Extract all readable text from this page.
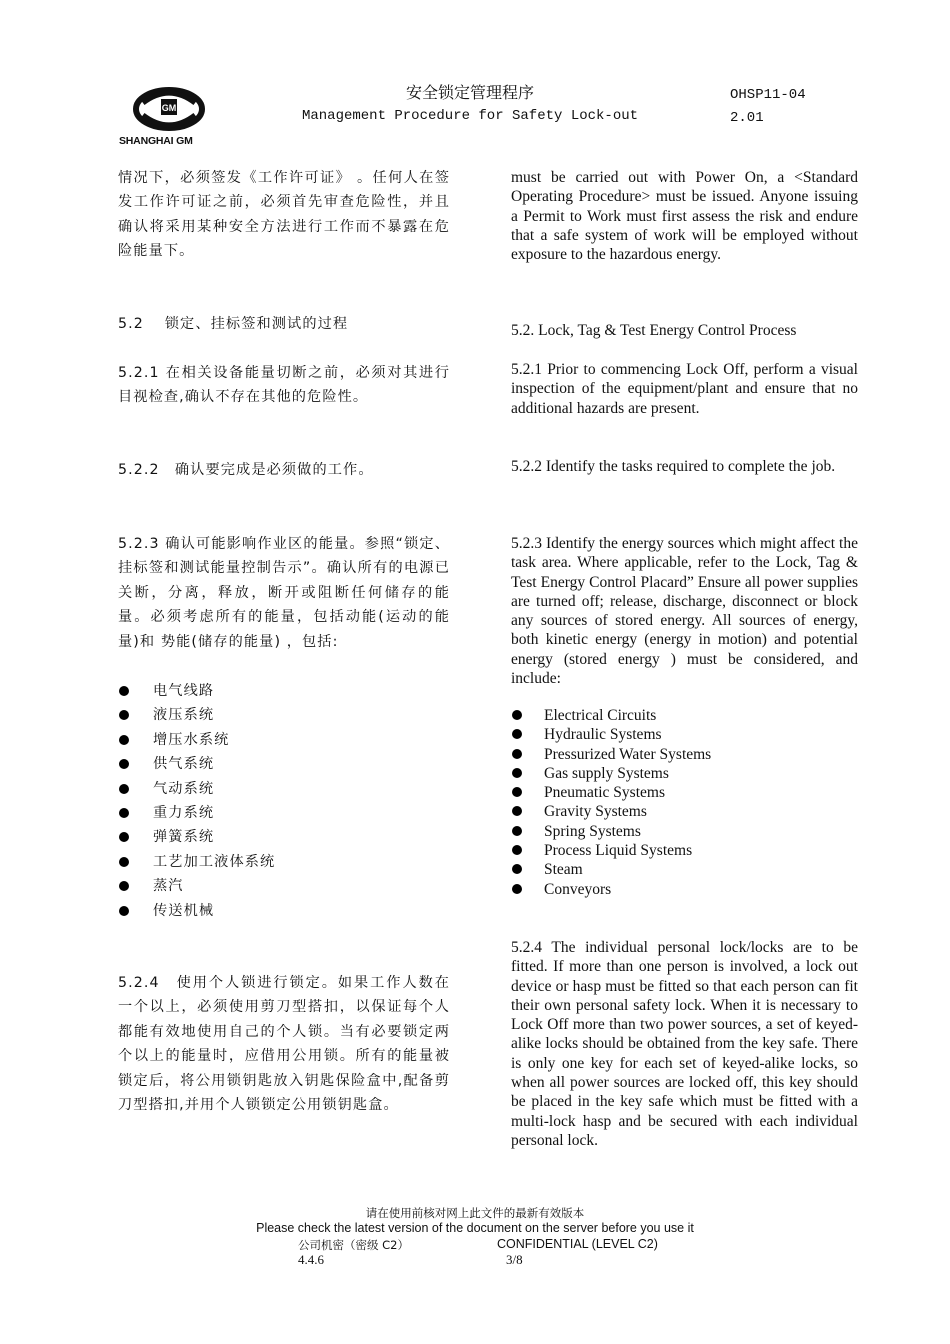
GM
SHANGHAI GM
安全锁定管理程序
Management Procedure for Safety Lock-out
OHSP11-04
2.01
情况下，必须签发《工作许可证》 。任何人在签发工作许可证之前，必须首先审查危险性，并且确认将采用某种安全方法进行工作而不暴露在危险能量下。
5.2　 锁定、挂标签和测试的过程
5.2.1 在相关设备能量切断之前，必须对其进行目视检查,确认不存在其他的危险性。
5.2.2　确认要完成是必须做的工作。
5.2.3 确认可能影响作业区的能量。参照“锁定、挂标签和测试能量控制告示”。确认所有的电源已关断，分离，释放，断开或阻断任何储存的能量。必须考虑所有的能量，包括动能(运动的能量)和 势能(储存的能量) ，包括:
电气线路
液压系统
增压水系统
供气系统
气动系统
重力系统
弹簧系统
工艺加工液体系统
蒸汽
传送机械
5.2.4　使用个人锁进行锁定。如果工作人数在一个以上，必须使用剪刀型搭扣，以保证每个人都能有效地使用自己的个人锁。当有必要锁定两个以上的能量时，应借用公用锁。所有的能量被锁定后，将公用锁钥匙放入钥匙保险盒中,配备剪刀型搭扣,并用个人锁锁定公用锁钥匙盒。
must be carried out with Power On, a <Standard Operating Procedure> must be issued. Anyone issuing a Permit to Work must first assess the risk and endure that a safe system of work will be employed without exposure to the hazardous energy.
5.2. Lock, Tag & Test Energy Control Process
5.2.1 Prior to commencing Lock Off, perform a visual inspection of the equipment/plant and ensure that no additional hazards are present.
5.2.2 Identify the tasks required to complete the job.
5.2.3 Identify the energy sources which might affect the task area. Where applicable, refer to the Lock, Tag & Test Energy Control Placard” Ensure all power supplies are turned off; release, discharge, disconnect or block any sources of stored energy. All sources of energy, both kinetic energy (energy in motion) and potential energy (stored energy ) must be considered, and include:
Electrical Circuits
Hydraulic Systems
Pressurized Water Systems
Gas supply Systems
Pneumatic Systems
Gravity Systems
Spring Systems
Process Liquid Systems
Steam
Conveyors
5.2.4 The individual personal lock/locks are to be fitted. If more than one person is involved, a lock out device or hasp must be fitted so that each person can fit their own personal safety lock. When it is necessary to Lock Off more than two power sources, a set of keyed-alike locks should be obtained from the key safe. There is only one key for each set of keyed-alike locks, so when all power sources are locked off, this key should be placed in the key safe which must be fitted with a multi-lock hasp and be secured with each individual personal lock.
请在使用前核对网上此文件的最新有效版本
Please check the latest version of the document on the server before you use it
公司机密（密级 C2）	CONFIDENTIAL (LEVEL C2)
4.4.6	3/8
